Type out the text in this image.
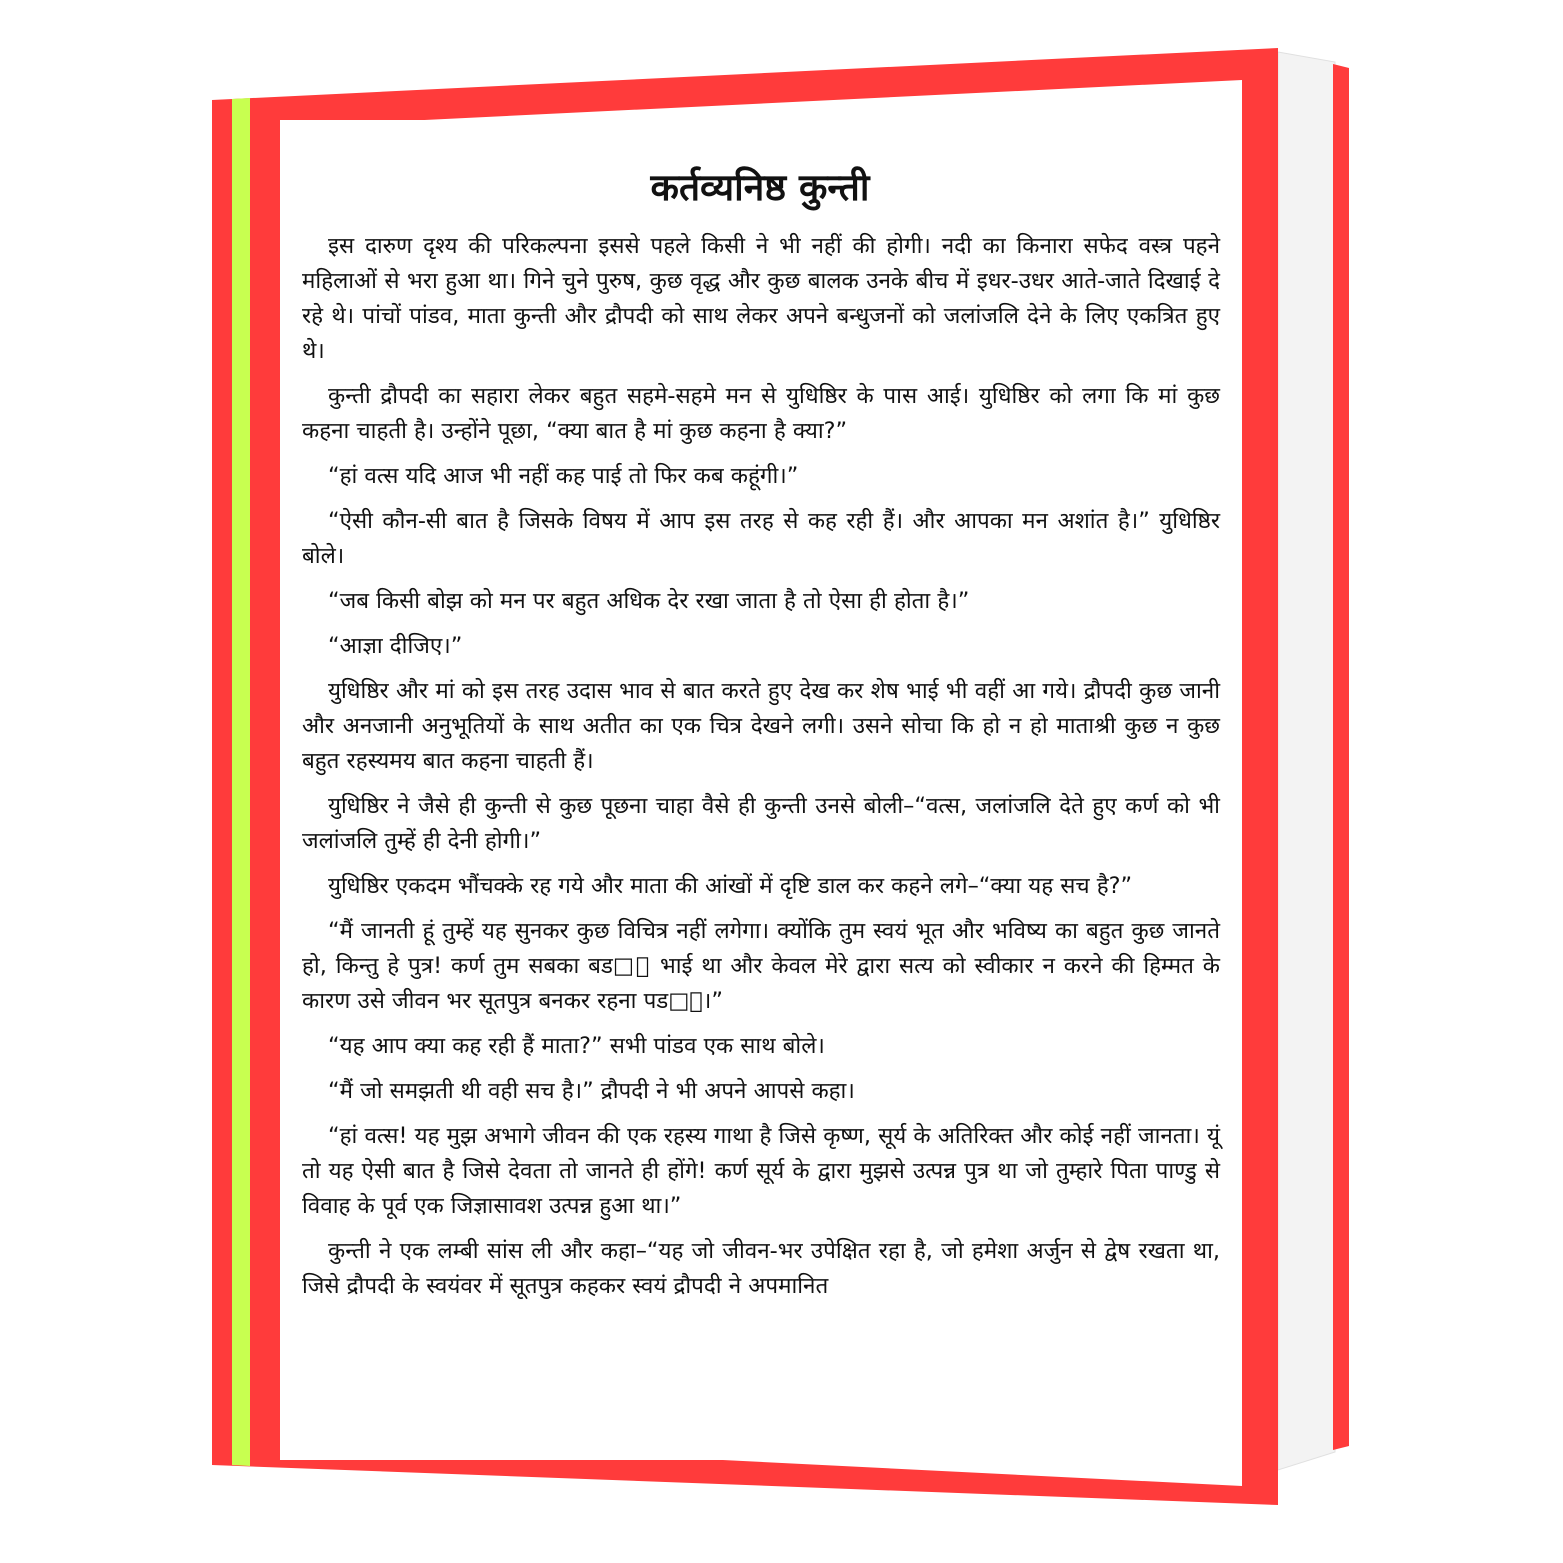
कर्तव्यनिष्ठ कुन्ती

इस दारुण दृश्य की परिकल्पना इससे पहले किसी ने भी नहीं की होगी। नदी का किनारा सफेद वस्त्र पहने महिलाओं से भरा हुआ था। गिने चुने पुरुष, कुछ वृद्ध और कुछ बालक उनके बीच में इधर-उधर आते-जाते दिखाई दे रहे थे। पांचों पांडव, माता कुन्ती और द्रौपदी को साथ लेकर अपने बन्धुजनों को जलांजलि देने के लिए एकत्रित हुए थे।

कुन्ती द्रौपदी का सहारा लेकर बहुत सहमे-सहमे मन से युधिष्ठिर के पास आई। युधिष्ठिर को लगा कि मां कुछ कहना चाहती है। उन्होंने पूछा, “क्या बात है मां कुछ कहना है क्या?”

“हां वत्स यदि आज भी नहीं कह पाई तो फिर कब कहूंगी।”

“ऐसी कौन-सी बात है जिसके विषय में आप इस तरह से कह रही हैं। और आपका मन अशांत है।” युधिष्ठिर बोले।

“जब किसी बोझ को मन पर बहुत अधिक देर रखा जाता है तो ऐसा ही होता है।”

“आज्ञा दीजिए।”

युधिष्ठिर और मां को इस तरह उदास भाव से बात करते हुए देख कर शेष भाई भी वहीं आ गये। द्रौपदी कुछ जानी और अनजानी अनुभूतियों के साथ अतीत का एक चित्र देखने लगी। उसने सोचा कि हो न हो माताश्री कुछ न कुछ बहुत रहस्यमय बात कहना चाहती हैं।

युधिष्ठिर ने जैसे ही कुन्ती से कुछ पूछना चाहा वैसे ही कुन्ती उनसे बोली–“वत्स, जलांजलि देते हुए कर्ण को भी जलांजलि तुम्हें ही देनी होगी।”

युधिष्ठिर एकदम भौंचक्के रह गये और माता की आंखों में दृष्टि डाल कर कहने लगे–“क्या यह सच है?”

“मैं जानती हूं तुम्हें यह सुनकर कुछ विचित्र नहीं लगेगा। क्योंकि तुम स्वयं भूत और भविष्य का बहुत कुछ जानते हो, किन्तु हे पुत्र! कर्ण तुम सबका बड□ा भाई था और केवल मेरे द्वारा सत्य को स्वीकार न करने की हिम्मत के कारण उसे जीवन भर सूतपुत्र बनकर रहना पड□ा।”

“यह आप क्या कह रही हैं माता?” सभी पांडव एक साथ बोले।

“मैं जो समझती थी वही सच है।” द्रौपदी ने भी अपने आपसे कहा।

“हां वत्स! यह मुझ अभागे जीवन की एक रहस्य गाथा है जिसे कृष्ण, सूर्य के अतिरिक्त और कोई नहीं जानता। यूं तो यह ऐसी बात है जिसे देवता तो जानते ही होंगे! कर्ण सूर्य के द्वारा मुझसे उत्पन्न पुत्र था जो तुम्हारे पिता पाण्डु से विवाह के पूर्व एक जिज्ञासावश उत्पन्न हुआ था।”

कुन्ती ने एक लम्बी सांस ली और कहा–“यह जो जीवन-भर उपेक्षित रहा है, जो हमेशा अर्जुन से द्वेष रखता था, जिसे द्रौपदी के स्वयंवर में सूतपुत्र कहकर स्वयं द्रौपदी ने अपमानित
